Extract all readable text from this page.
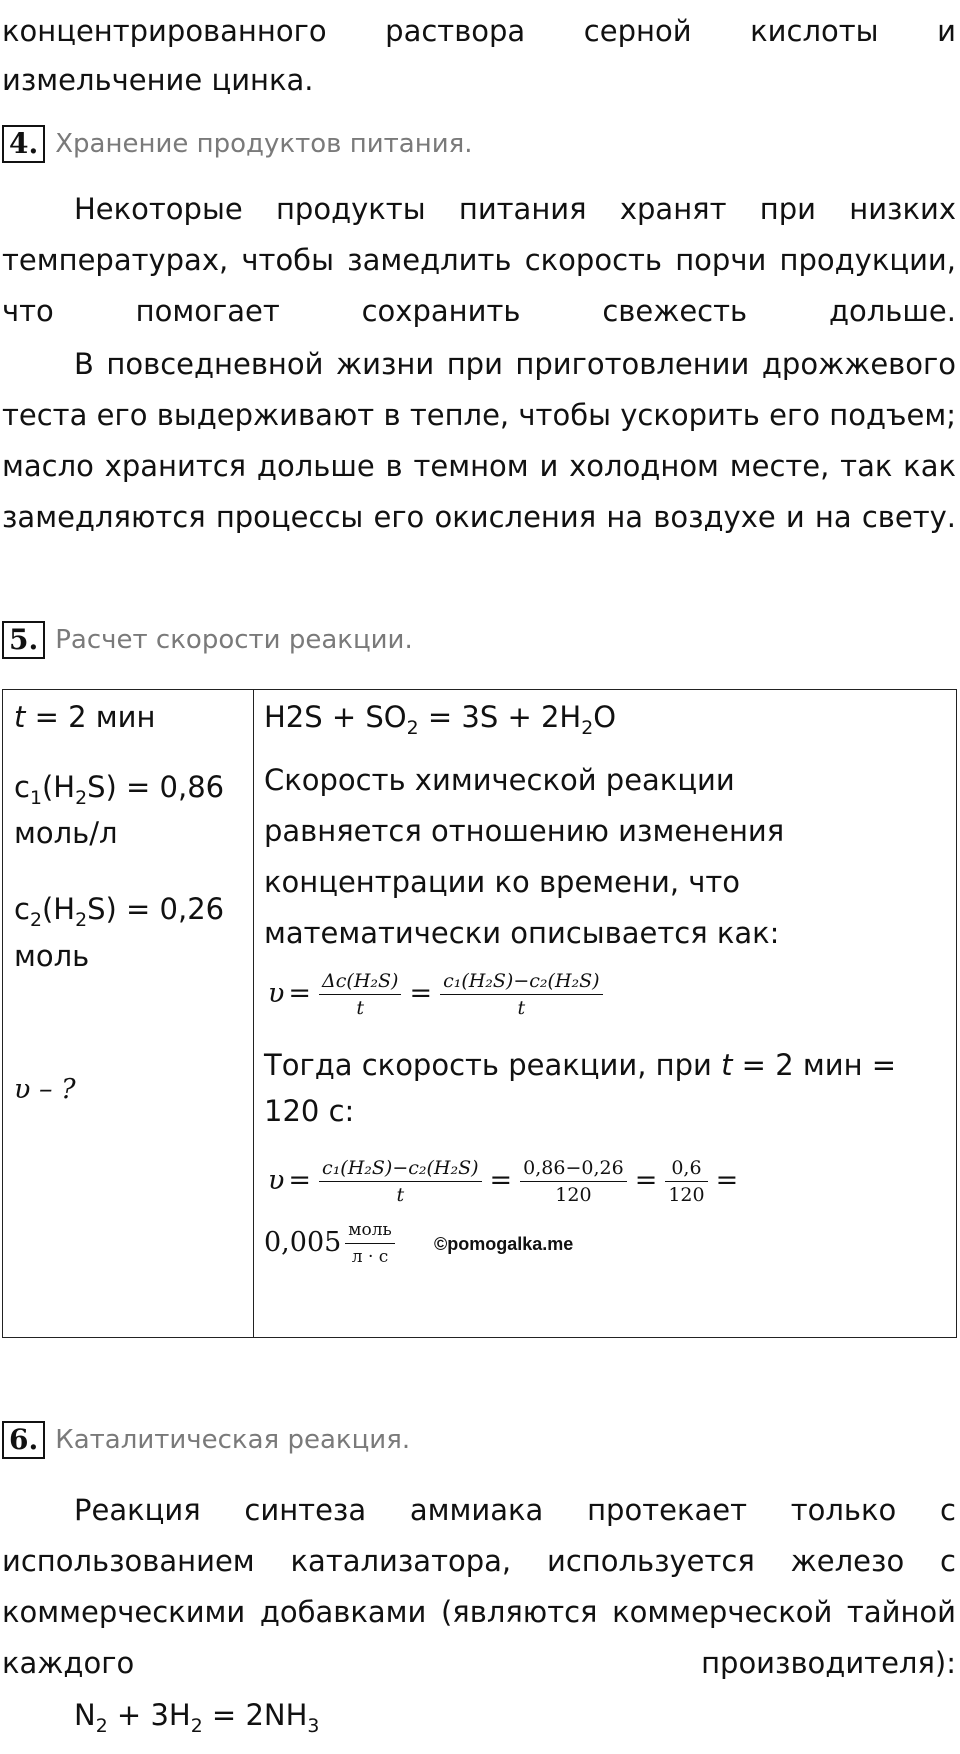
концентрированного раствора серной кислоты и

измельчение цинка.

4. Хранение продуктов питания.

Некоторые продукты питания хранят при низких температурах, чтобы замедлить скорость порчи продукции, что помогает сохранить свежесть дольше.

В повседневной жизни при приготовлении дрожжевого теста его выдерживают в тепле, чтобы ускорить его подъем; масло хранится дольше в темном и холодном месте, так как замедляются процессы его окисления на воздухе и на свету.

5. Расчет скорости реакции.
t = 2 мин
$c_1(H_2S) = 0,86$
моль/л
$c_2(H_2S) = 0,26$
моль
υ – ?

$H2S + SO_2 = 3S + 2H_2O$
Скорость химической реакции равняется отношению изменения концентрации ко времени, что математически описывается как:
$\upsilon = \frac{\text{Δc(H₂S)}}{t} = \frac{\text{c₁(H₂S)−c₂(H₂S)}}{t}$
Тогда скорость реакции, при t = 2 мин =
120 с:
$\upsilon = \frac{\text{c₁(H₂S)−c₂(H₂S)}}{t} = \frac{0,86-0,26}{120} = \frac{0,6}{120}$ =
$0,005 \frac{\text{моль}}{л \cdot с}$ ©pomogalka.me
6. Каталитическая реакция.

Реакция синтеза аммиака протекает только с использованием катализатора, используется железо с коммерческими добавками (являются коммерческой тайной каждого производителя):

$N_2 + 3H_2 = 2NH_3$
